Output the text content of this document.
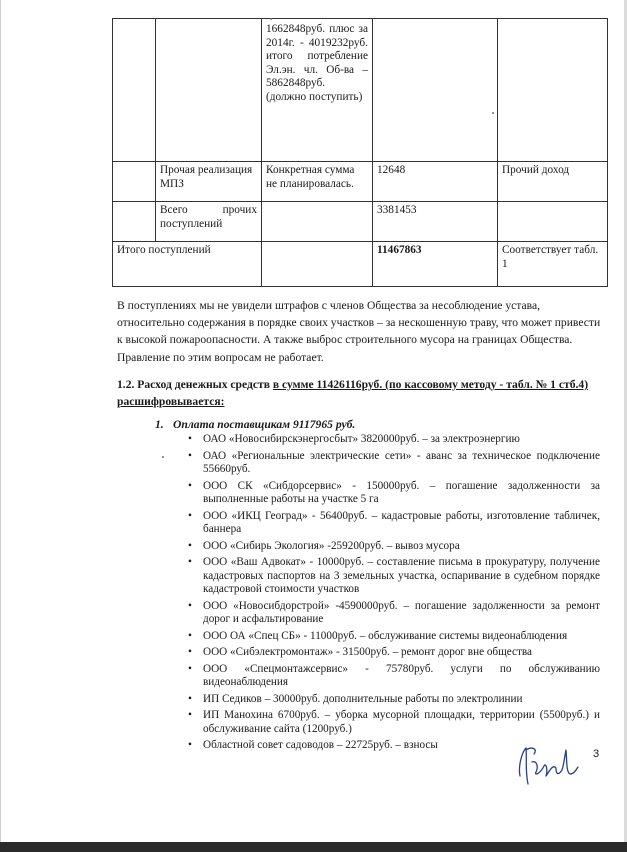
		1662848руб. плюс за 2014г. - 4019232руб. итого потребление Эл.эн. чл. Об-ва – 5862848руб. (должно поступить)		
	Прочая реализация МПЗ	Конкретная сумма не планировалась.	12648	Прочий доход
	Всего прочих поступлений		3381453	
Итого поступлений			11467863	Соответствует табл. 1

В поступлениях мы не увидели штрафов с членов Общества за несоблюдение устава, относительно содержания в порядке своих участков – за нескошенную траву, что может привести к высокой пожароопасности. А также выброс строительного мусора на границах Общества. Правление по этим вопросам не работает.

1.2. Расход денежных средств в сумме 11426116руб. (по кассовому методу - табл. № 1 стб.4) расшифровывается:

1. Оплата поставщикам 9117965 руб.
• ОАО «Новосибирскэнергосбыт» 3820000руб. – за электроэнергию
• ОАО «Региональные электрические сети» - аванс за техническое подключение 55660руб.
• ООО СК «Сибдорсервис» - 150000руб. – погашение задолженности за выполненные работы на участке 5 га
• ООО «ИКЦ Геоград» - 56400руб. – кадастровые работы, изготовление табличек, баннера
• ООО «Сибирь Экология» -259200руб. – вывоз мусора
• ООО «Ваш Адвокат» - 10000руб. – составление письма в прокуратуру, получение кадастровых паспортов на 3 земельных участка, оспаривание в судебном порядке кадастровой стоимости участков
• ООО «Новосибдорстрой» -4590000руб. – погашение задолженности за ремонт дорог и асфальтирование
• ООО ОА «Спец СБ» - 11000руб. – обслуживание системы видеонаблюдения
• ООО «Сибэлектромонтаж» - 31500руб. – ремонт дорог вне общества
• ООО «Спецмонтажсервис» - 75780руб. услуги по обслуживанию видеонаблюдения
• ИП Седиков – 30000руб. дополнительные работы по электролинии
• ИП Манохина 6700руб. – уборка мусорной площадки, территории (5500руб.) и обслуживание сайта (1200руб.)
• Областной совет садоводов – 22725руб. – взносы
3
